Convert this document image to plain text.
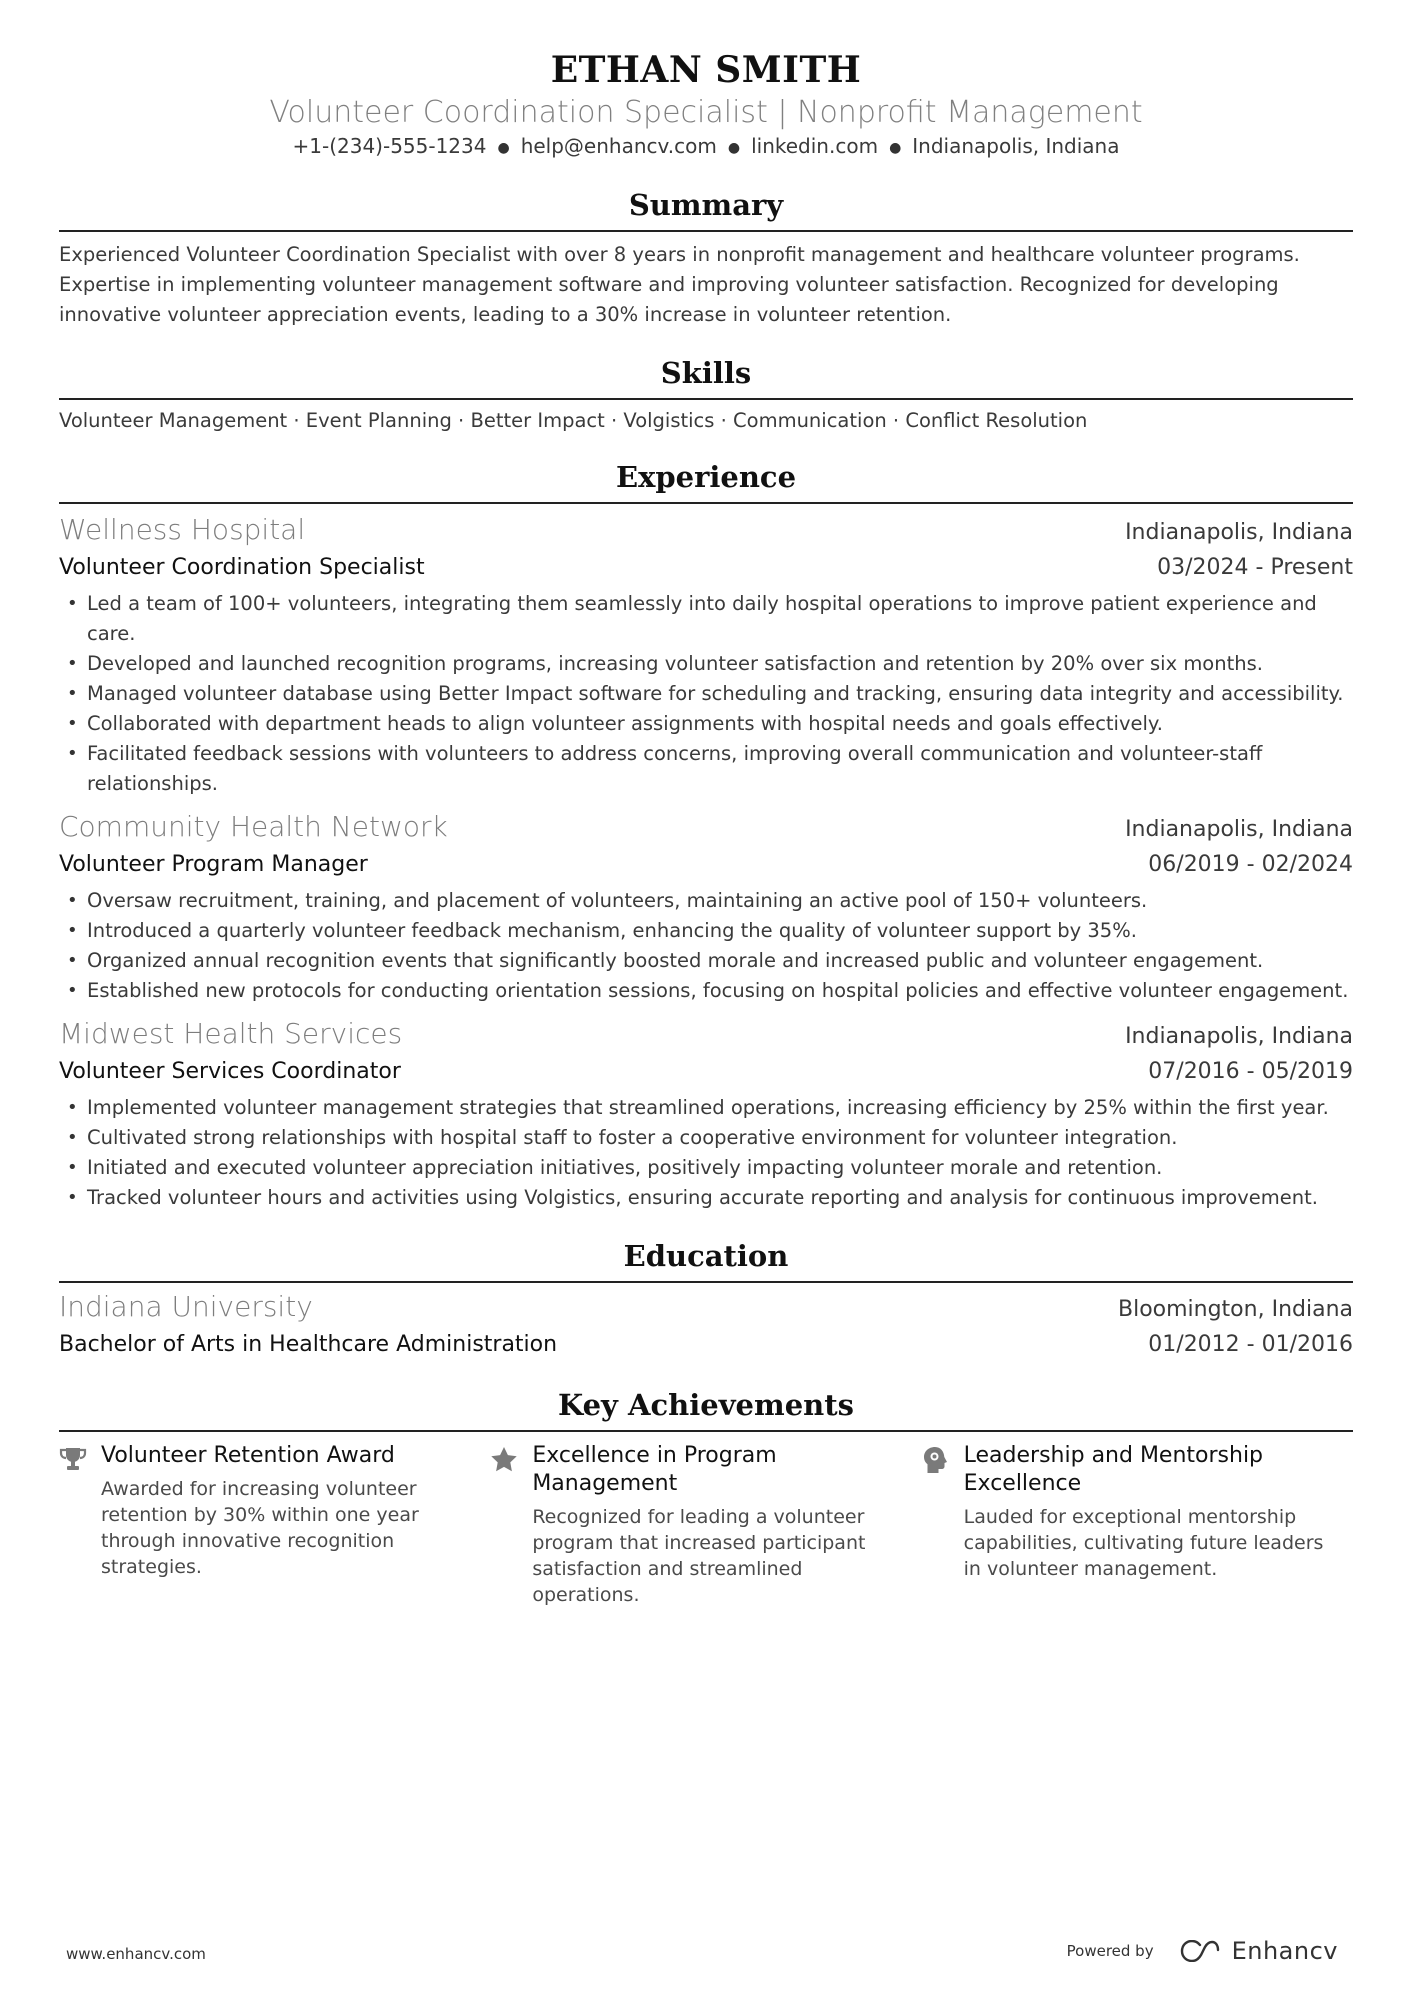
ETHAN SMITH
Volunteer Coordination Specialist | Nonprofit Management
+1-(234)-555-1234 ● help@enhancv.com ● linkedin.com ● Indianapolis, Indiana
Summary
Experienced Volunteer Coordination Specialist with over 8 years in nonprofit management and healthcare volunteer programs. Expertise in implementing volunteer management software and improving volunteer satisfaction. Recognized for developing innovative volunteer appreciation events, leading to a 30% increase in volunteer retention.
Skills
Volunteer Management · Event Planning · Better Impact · Volgistics · Communication · Conflict Resolution
Experience
Wellness Hospital	Indianapolis, Indiana
Volunteer Coordination Specialist	03/2024 - Present
• Led a team of 100+ volunteers, integrating them seamlessly into daily hospital operations to improve patient experience and care.
• Developed and launched recognition programs, increasing volunteer satisfaction and retention by 20% over six months.
• Managed volunteer database using Better Impact software for scheduling and tracking, ensuring data integrity and accessibility.
• Collaborated with department heads to align volunteer assignments with hospital needs and goals effectively.
• Facilitated feedback sessions with volunteers to address concerns, improving overall communication and volunteer-staff relationships.
Community Health Network	Indianapolis, Indiana
Volunteer Program Manager	06/2019 - 02/2024
• Oversaw recruitment, training, and placement of volunteers, maintaining an active pool of 150+ volunteers.
• Introduced a quarterly volunteer feedback mechanism, enhancing the quality of volunteer support by 35%.
• Organized annual recognition events that significantly boosted morale and increased public and volunteer engagement.
• Established new protocols for conducting orientation sessions, focusing on hospital policies and effective volunteer engagement.
Midwest Health Services	Indianapolis, Indiana
Volunteer Services Coordinator	07/2016 - 05/2019
• Implemented volunteer management strategies that streamlined operations, increasing efficiency by 25% within the first year.
• Cultivated strong relationships with hospital staff to foster a cooperative environment for volunteer integration.
• Initiated and executed volunteer appreciation initiatives, positively impacting volunteer morale and retention.
• Tracked volunteer hours and activities using Volgistics, ensuring accurate reporting and analysis for continuous improvement.
Education
Indiana University	Bloomington, Indiana
Bachelor of Arts in Healthcare Administration	01/2012 - 01/2016
Key Achievements
Volunteer Retention Award
Awarded for increasing volunteer retention by 30% within one year through innovative recognition strategies.
Excellence in Program Management
Recognized for leading a volunteer program that increased participant satisfaction and streamlined operations.
Leadership and Mentorship Excellence
Lauded for exceptional mentorship capabilities, cultivating future leaders in volunteer management.
www.enhancv.com	Powered by	Enhancv
